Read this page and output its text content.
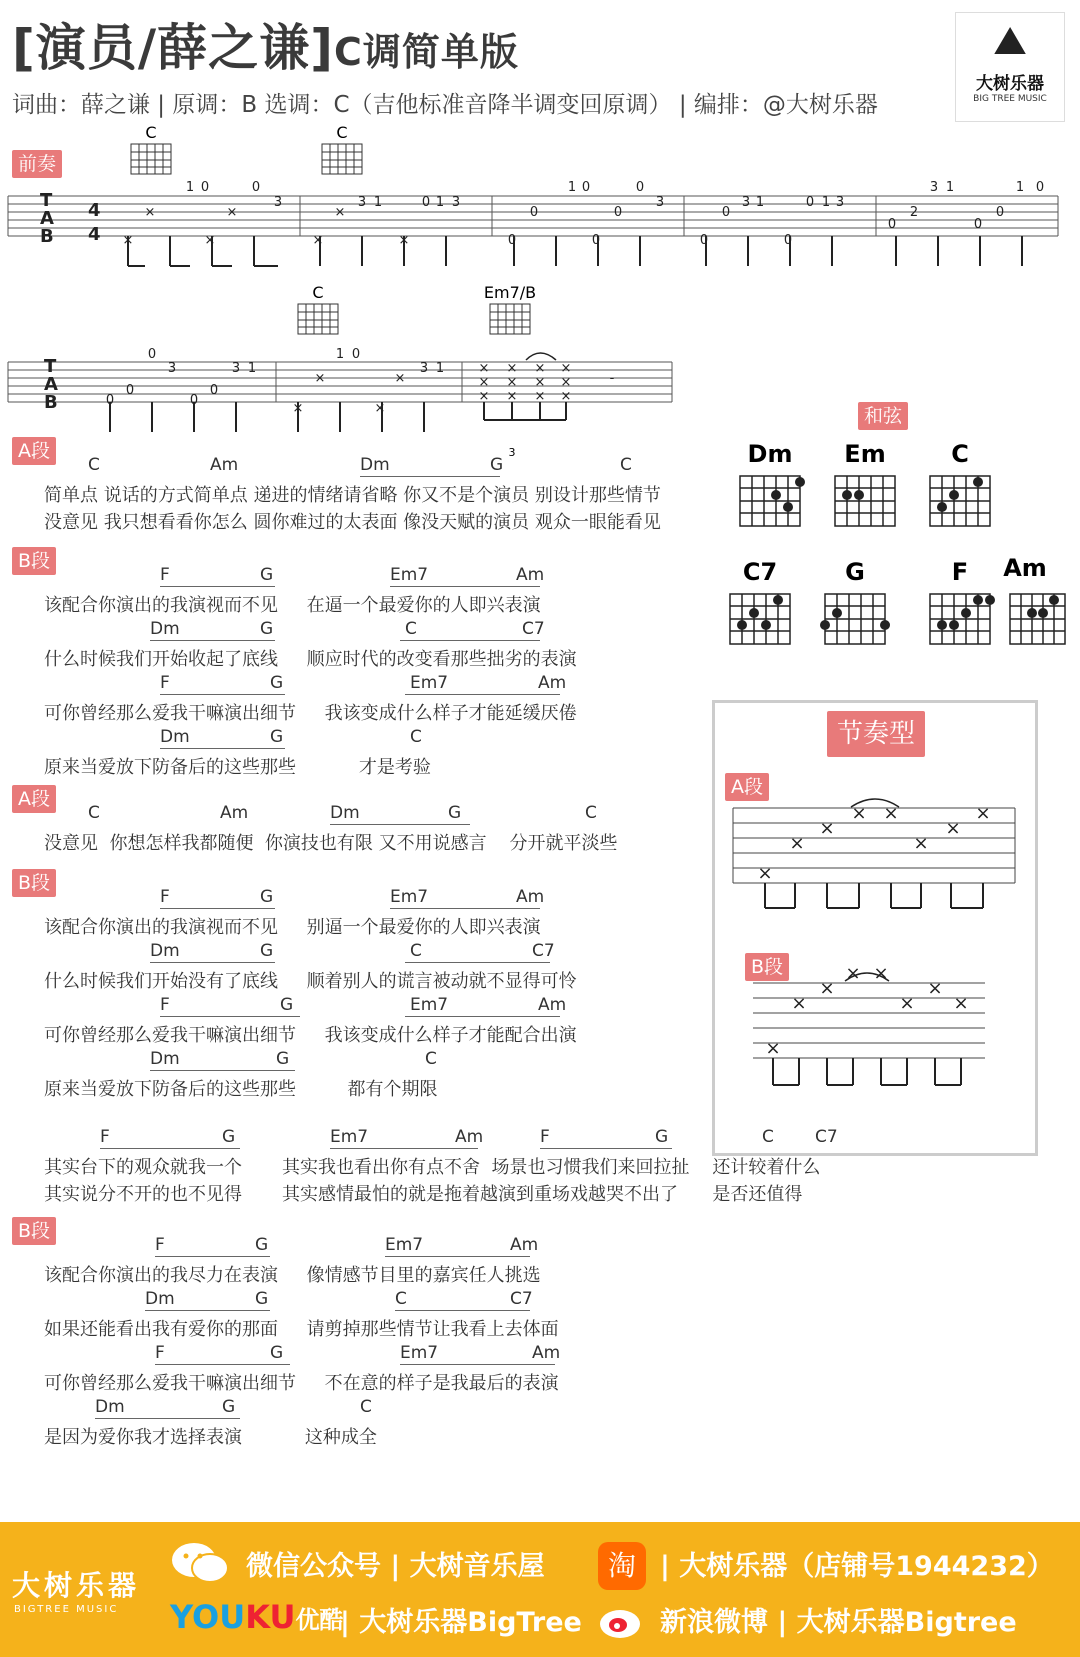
[演员/薛之谦]C调简单版
词曲：薛之谦 | 原调：B 选调：C（吉他标准音降半调变回原调） | 编排：@大树乐器
⛰
大树乐器
BIG TREE MUSIC
前奏
C	C
T
A
B
4
4 ×
×
1 0
×
×
0
3
×
×
3 1
×
0 1 3
0
0
1 0
0
0
0
3
0
0
3 1
0
0 1 3
0
2
3 1
0
0
1 0
C	Em7/B
T
A
B
3
0
0
0
3
0
0
3 1
×
×
1 0
×
×
3 1	×
×
×
×
×
×
×
×
×
×
×
×
-
和弦
Dm Em	C
C7	G	F Am
节奏型
A段
B段
×
×
×
× ×
×
×
×
×
×
×
× ×
×
×
×
A段
C	Am	Dm	G	C
简单点 说话的方式简单点 递进的情绪请省略 你又不是个演员 别设计那些情节
没意见 我只想看看你怎么 圆你难过的太表面 像没天赋的演员 观众一眼能看见
B段
F	G	Em7	Am
该配合你演出的我演视而不见     在逼一个最爱你的人即兴表演
Dm	G	C	C7
什么时候我们开始收起了底线     顺应时代的改变看那些拙劣的表演
F	G	Em7	Am
可你曾经那么爱我干嘛演出细节     我该变成什么样子才能延缓厌倦
Dm	G	C
原来当爱放下防备后的这些那些           才是考验
A段
C	Am	Dm	G	C
没意见  你想怎样我都随便  你演技也有限 又不用说感言    分开就平淡些
B段
F	G	Em7	Am
该配合你演出的我演视而不见     别逼一个最爱你的人即兴表演
Dm	G	C	C7
什么时候我们开始没有了底线     顺着别人的谎言被动就不显得可怜
F	G	Em7	Am
可你曾经那么爱我干嘛演出细节     我该变成什么样子才能配合出演
Dm	G	C
原来当爱放下防备后的这些那些         都有个期限
F	G	Em7	Am	F	G	C C7
其实台下的观众就我一个       其实我也看出你有点不舍  场景也习惯我们来回拉扯    还计较着什么
其实说分不开的也不见得       其实感情最怕的就是拖着越演到重场戏越哭不出了      是否还值得
B段
F	G	Em7	Am
该配合你演出的我尽力在表演     像情感节目里的嘉宾任人挑选
Dm	G	C	C7
如果还能看出我有爱你的那面     请剪掉那些情节让我看上去体面
F	G	Em7	Am
可你曾经那么爱我干嘛演出细节     不在意的样子是我最后的表演
Dm	G	C
是因为爱你我才选择表演           这种成全
大树乐器
BIGTREE MUSIC
微信公众号 | 大树音乐屋
YOUKU优酷
| 大树乐器BigTree
淘 | 大树乐器（店铺号1944232）
新浪微博 | 大树乐器Bigtree
